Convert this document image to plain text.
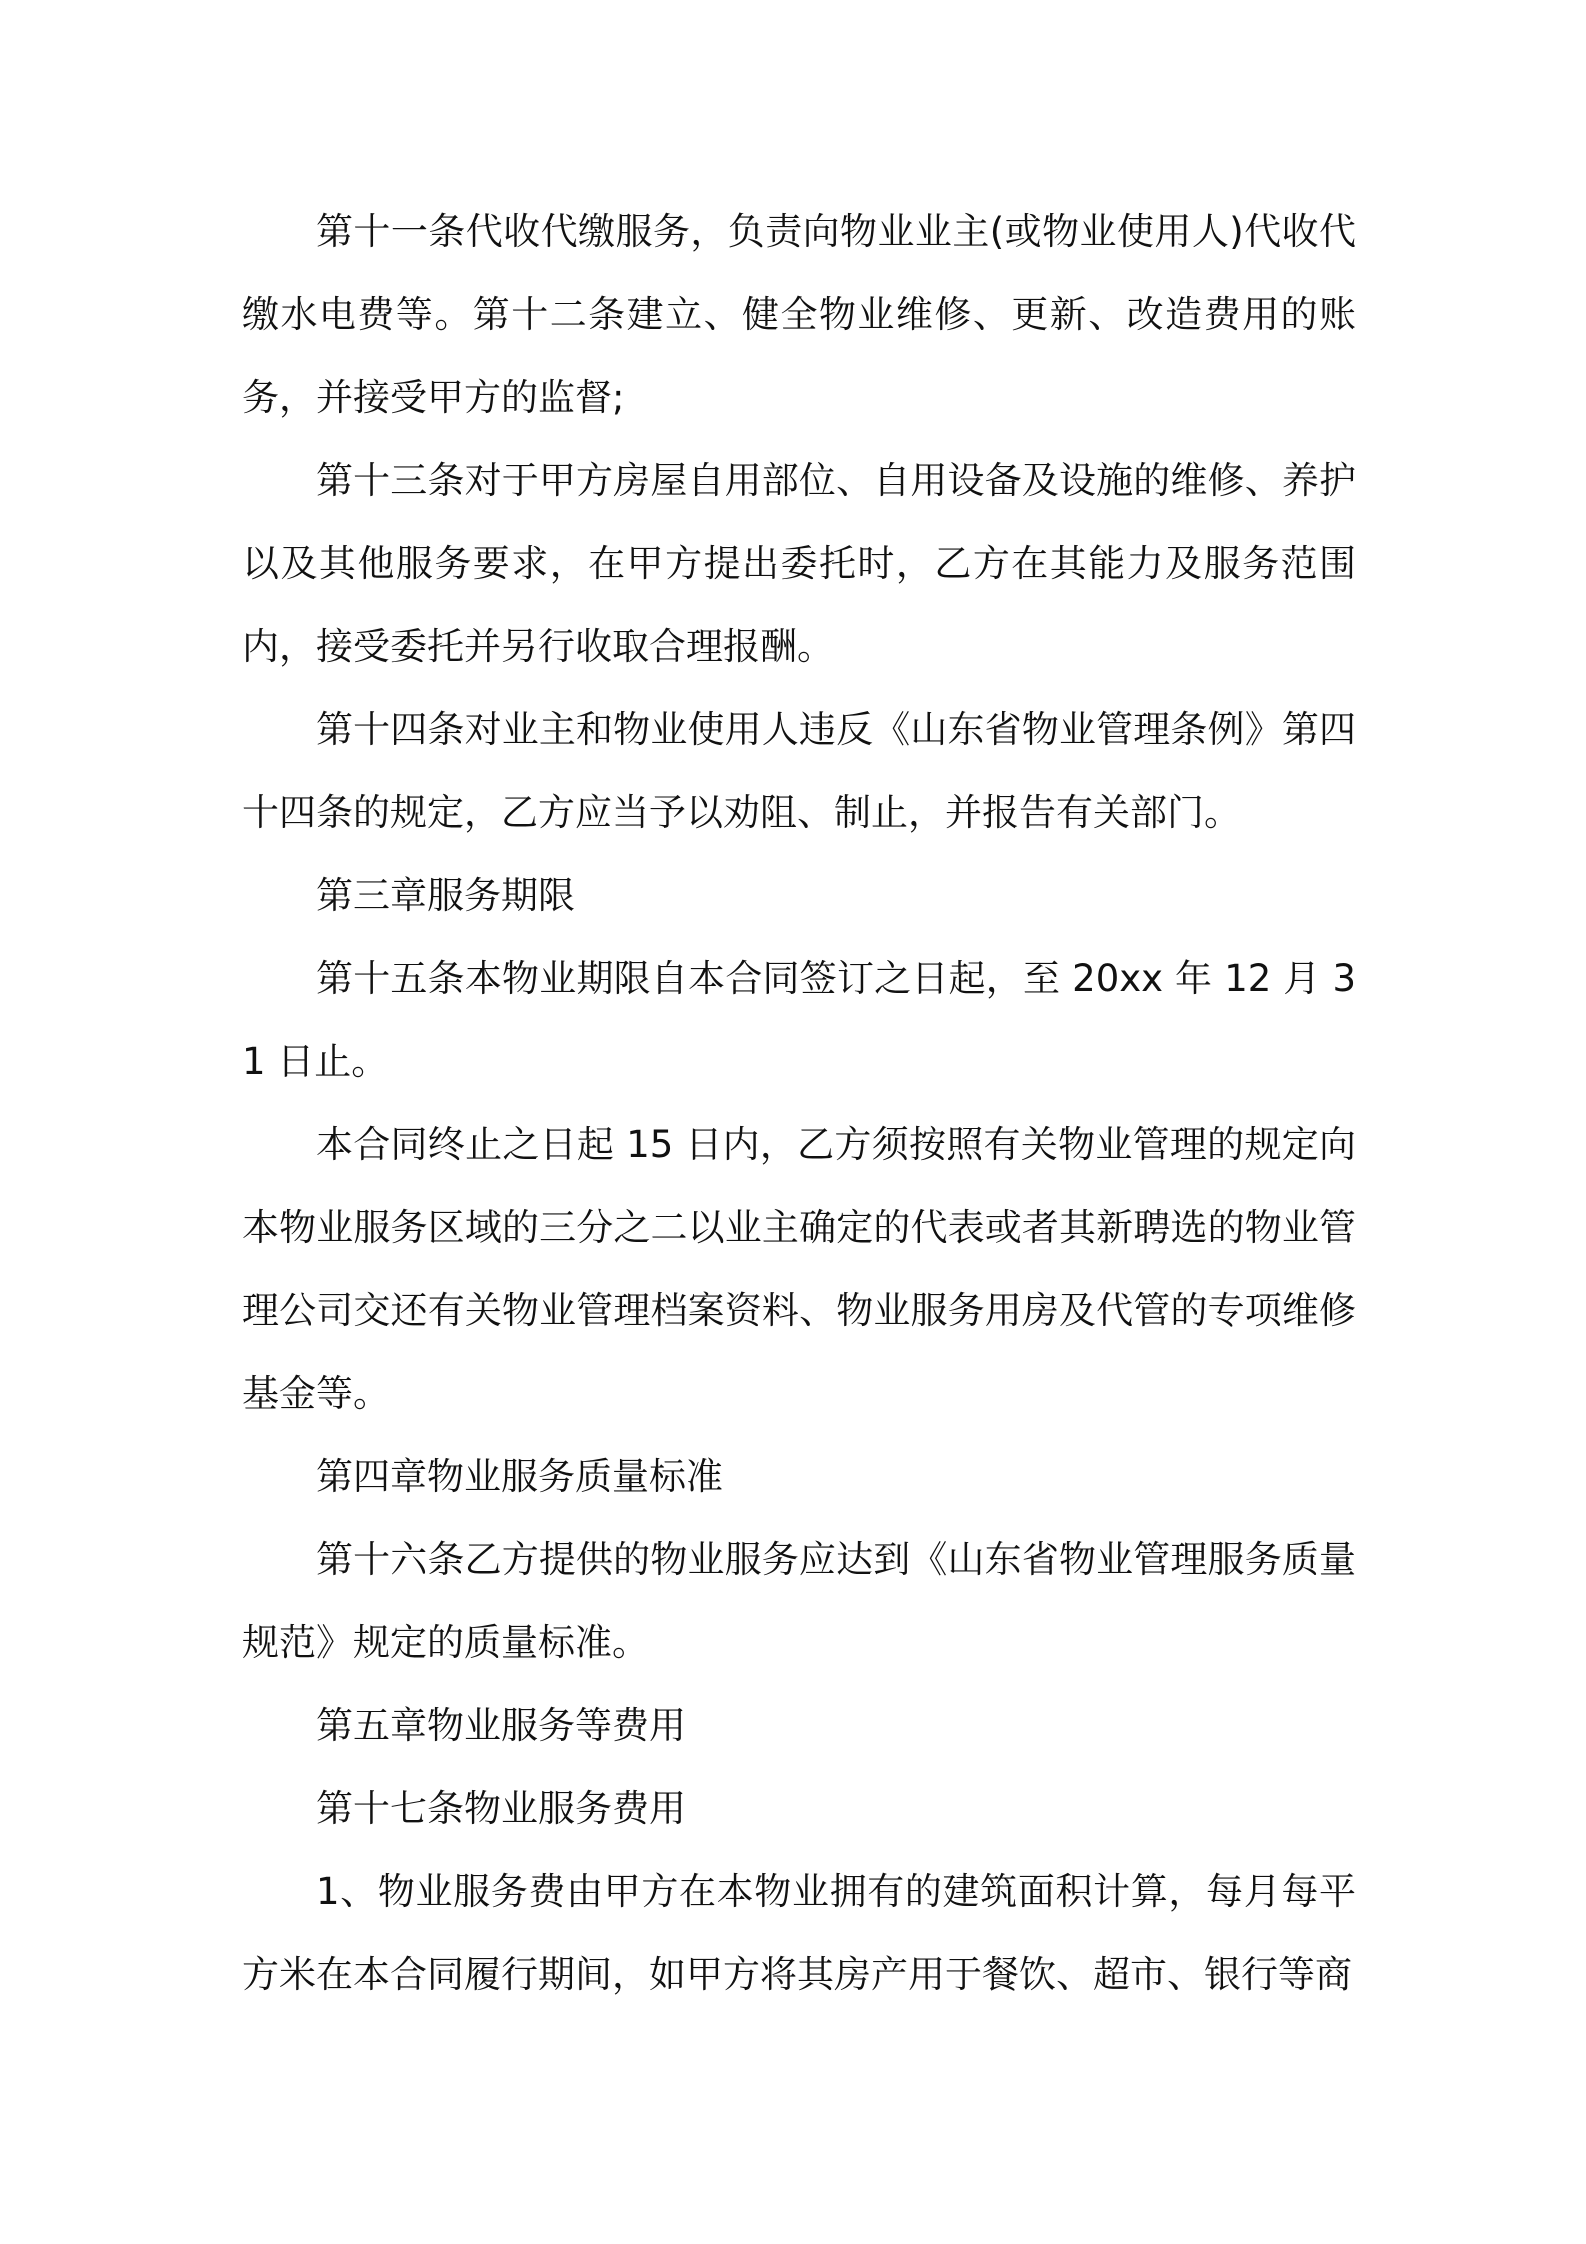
第十一条代收代缴服务，负责向物业业主(或物业使用人)代收代缴水电费等。第十二条建立、健全物业维修、更新、改造费用的账务，并接受甲方的监督;

第十三条对于甲方房屋自用部位、自用设备及设施的维修、养护以及其他服务要求，在甲方提出委托时，乙方在其能力及服务范围内，接受委托并另行收取合理报酬。

第十四条对业主和物业使用人违反《山东省物业管理条例》第四十四条的规定，乙方应当予以劝阻、制止，并报告有关部门。

第三章服务期限

第十五条本物业期限自本合同签订之日起，至 20xx 年 12 月 31 日止。

本合同终止之日起 15 日内，乙方须按照有关物业管理的规定向本物业服务区域的三分之二以业主确定的代表或者其新聘选的物业管理公司交还有关物业管理档案资料、物业服务用房及代管的专项维修基金等。

第四章物业服务质量标准

第十六条乙方提供的物业服务应达到《山东省物业管理服务质量规范》规定的质量标准。

第五章物业服务等费用

第十七条物业服务费用

1、物业服务费由甲方在本物业拥有的建筑面积计算，每月每平方米在本合同履行期间，如甲方将其房产用于餐饮、超市、银行等商
